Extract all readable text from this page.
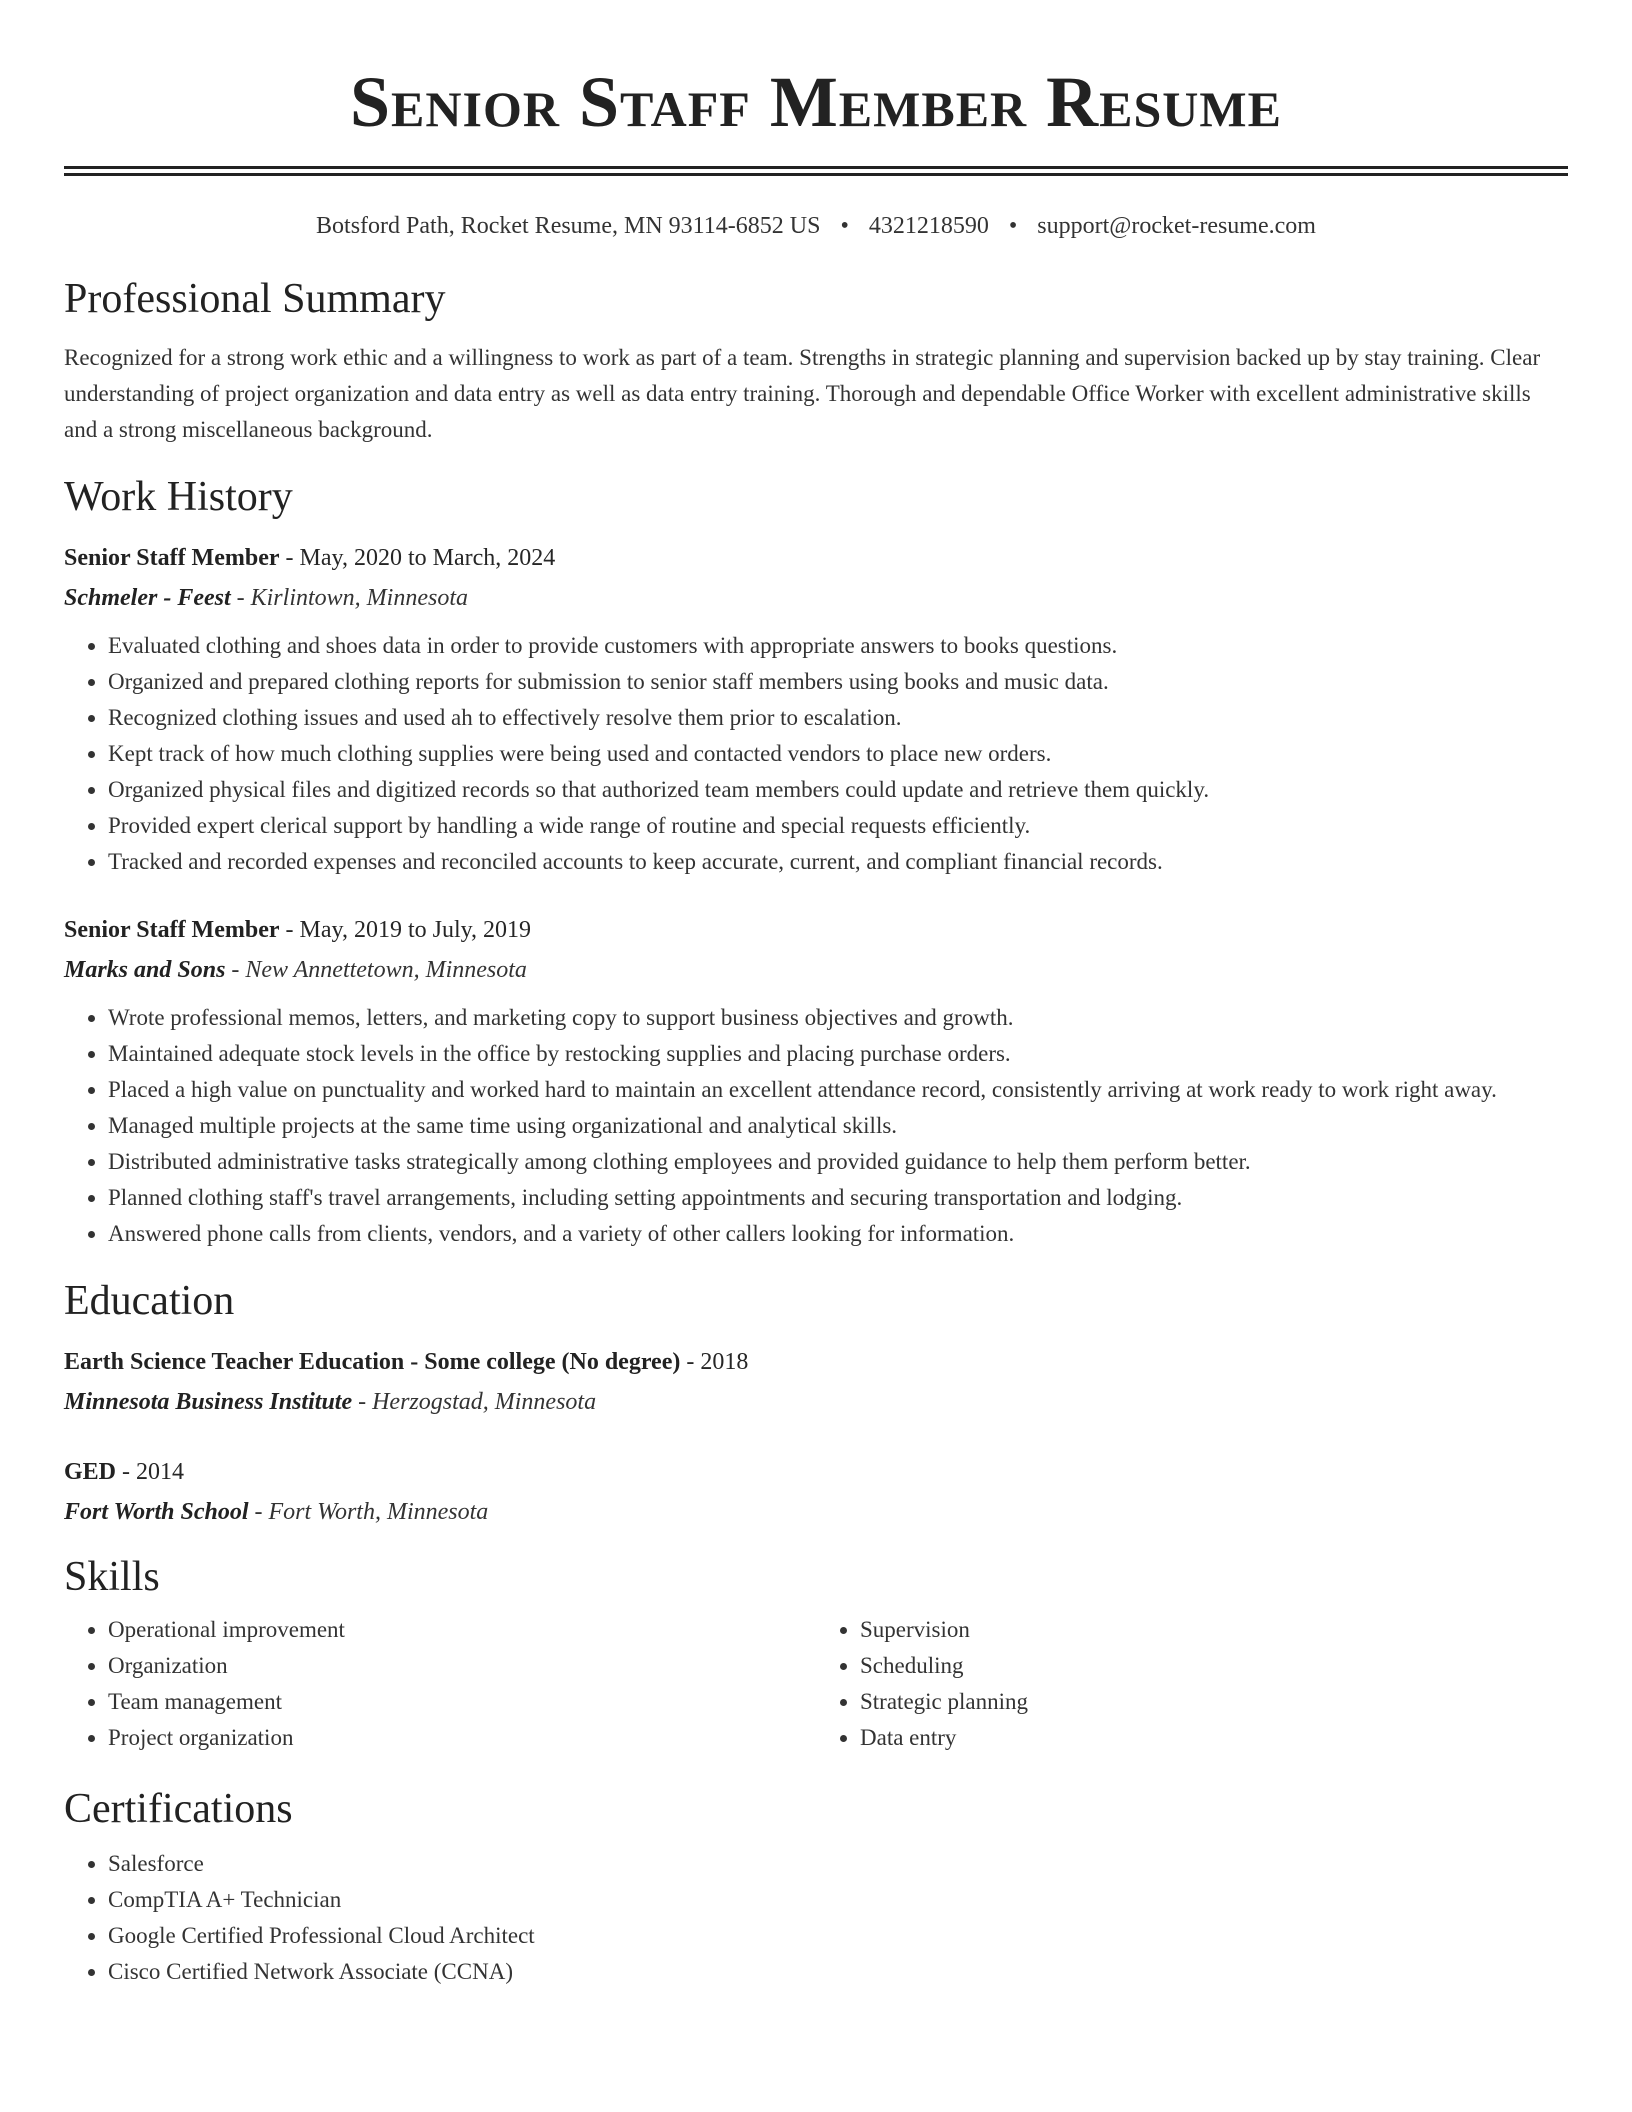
Senior Staff Member Resume
Botsford Path, Rocket Resume, MN 93114-6852 US • 4321218590 • support@rocket-resume.com
Professional Summary

Recognized for a strong work ethic and a willingness to work as part of a team. Strengths in strategic planning and supervision backed up by stay training. Clear understanding of project organization and data entry as well as data entry training. Thorough and dependable Office Worker with excellent administrative skills and a strong miscellaneous background.

Work History
Senior Staff Member - May, 2020 to March, 2024
Schmeler - Feest - Kirlintown, Minnesota
• Evaluated clothing and shoes data in order to provide customers with appropriate answers to books questions.
• Organized and prepared clothing reports for submission to senior staff members using books and music data.
• Recognized clothing issues and used ah to effectively resolve them prior to escalation.
• Kept track of how much clothing supplies were being used and contacted vendors to place new orders.
• Organized physical files and digitized records so that authorized team members could update and retrieve them quickly.
• Provided expert clerical support by handling a wide range of routine and special requests efficiently.
• Tracked and recorded expenses and reconciled accounts to keep accurate, current, and compliant financial records.
Senior Staff Member - May, 2019 to July, 2019
Marks and Sons - New Annettetown, Minnesota
• Wrote professional memos, letters, and marketing copy to support business objectives and growth.
• Maintained adequate stock levels in the office by restocking supplies and placing purchase orders.
• Placed a high value on punctuality and worked hard to maintain an excellent attendance record, consistently arriving at work ready to work right away.
• Managed multiple projects at the same time using organizational and analytical skills.
• Distributed administrative tasks strategically among clothing employees and provided guidance to help them perform better.
• Planned clothing staff's travel arrangements, including setting appointments and securing transportation and lodging.
• Answered phone calls from clients, vendors, and a variety of other callers looking for information.
Education
Earth Science Teacher Education - Some college (No degree) - 2018
Minnesota Business Institute - Herzogstad, Minnesota
GED - 2014
Fort Worth School - Fort Worth, Minnesota
Skills
• Operational improvement
• Organization
• Team management
• Project organization
• Supervision
• Scheduling
• Strategic planning
• Data entry
Certifications
• Salesforce
• CompTIA A+ Technician
• Google Certified Professional Cloud Architect
• Cisco Certified Network Associate (CCNA)
